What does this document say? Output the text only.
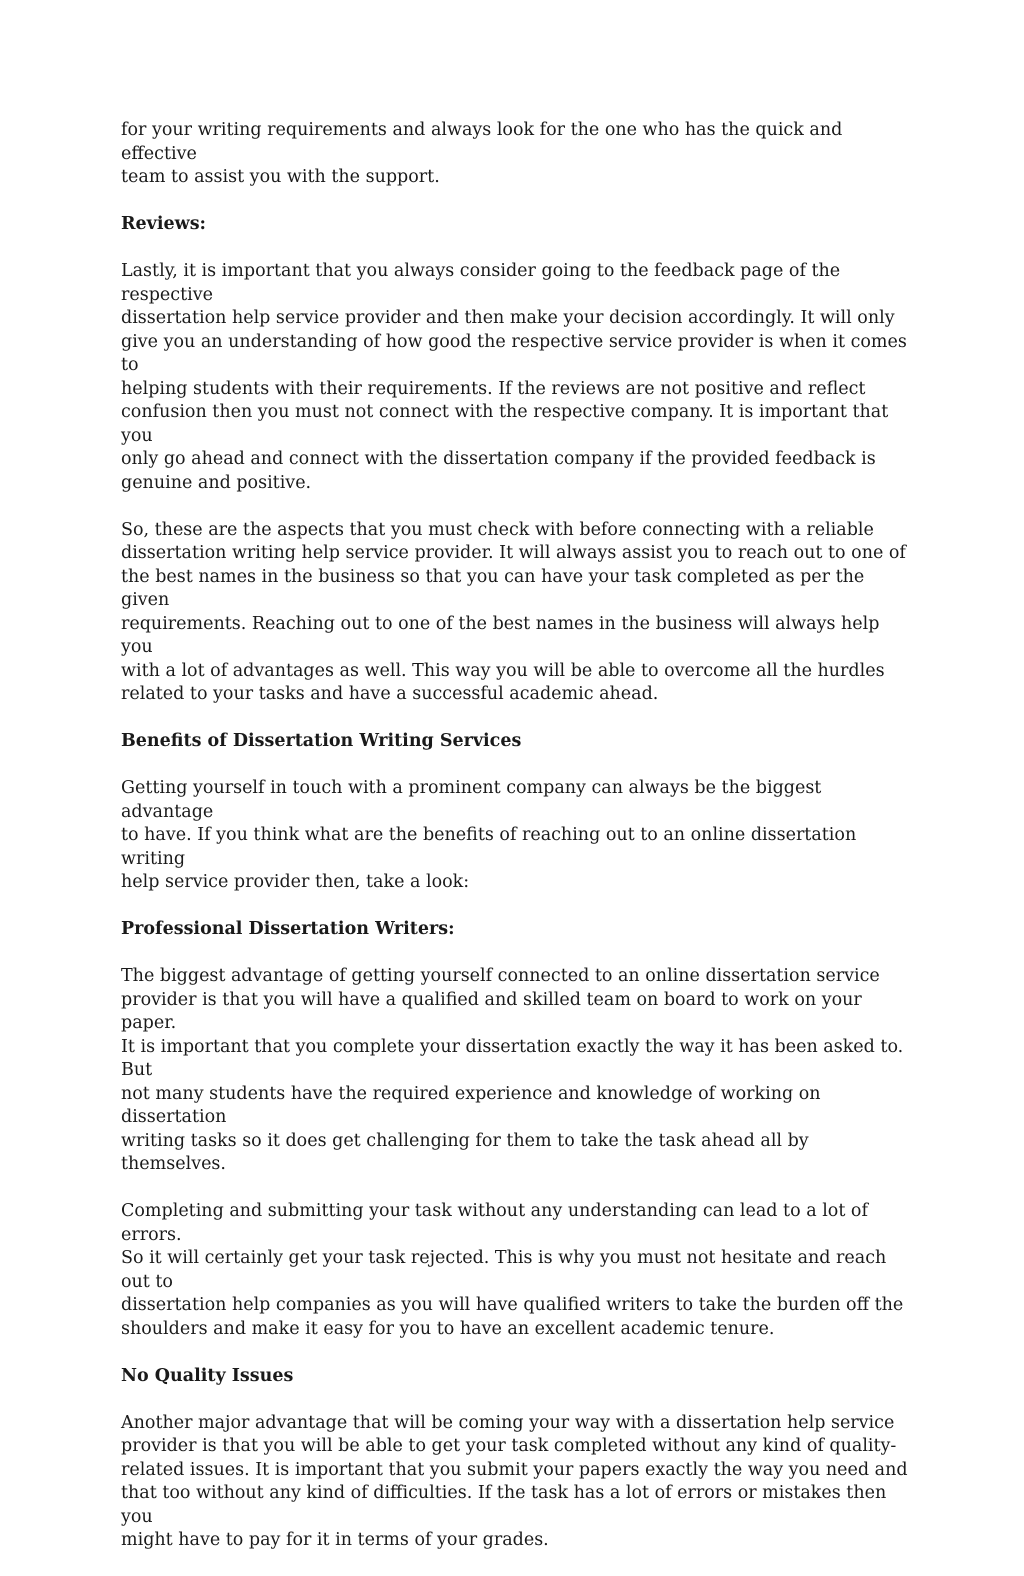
for your writing requirements and always look for the one who has the quick and effective
team to assist you with the support.
Reviews:
Lastly, it is important that you always consider going to the feedback page of the respective
dissertation help service provider and then make your decision accordingly. It will only
give you an understanding of how good the respective service provider is when it comes to
helping students with their requirements. If the reviews are not positive and reflect
confusion then you must not connect with the respective company. It is important that you
only go ahead and connect with the dissertation company if the provided feedback is
genuine and positive.
So, these are the aspects that you must check with before connecting with a reliable
dissertation writing help service provider. It will always assist you to reach out to one of
the best names in the business so that you can have your task completed as per the given
requirements. Reaching out to one of the best names in the business will always help you
with a lot of advantages as well. This way you will be able to overcome all the hurdles
related to your tasks and have a successful academic ahead.
Benefits of Dissertation Writing Services
Getting yourself in touch with a prominent company can always be the biggest advantage
to have. If you think what are the benefits of reaching out to an online dissertation writing
help service provider then, take a look:
Professional Dissertation Writers:
The biggest advantage of getting yourself connected to an online dissertation service
provider is that you will have a qualified and skilled team on board to work on your paper.
It is important that you complete your dissertation exactly the way it has been asked to. But
not many students have the required experience and knowledge of working on dissertation
writing tasks so it does get challenging for them to take the task ahead all by themselves.
Completing and submitting your task without any understanding can lead to a lot of errors.
So it will certainly get your task rejected. This is why you must not hesitate and reach out to
dissertation help companies as you will have qualified writers to take the burden off the
shoulders and make it easy for you to have an excellent academic tenure.
No Quality Issues
Another major advantage that will be coming your way with a dissertation help service
provider is that you will be able to get your task completed without any kind of quality-
related issues. It is important that you submit your papers exactly the way you need and
that too without any kind of difficulties. If the task has a lot of errors or mistakes then you
might have to pay for it in terms of your grades.
